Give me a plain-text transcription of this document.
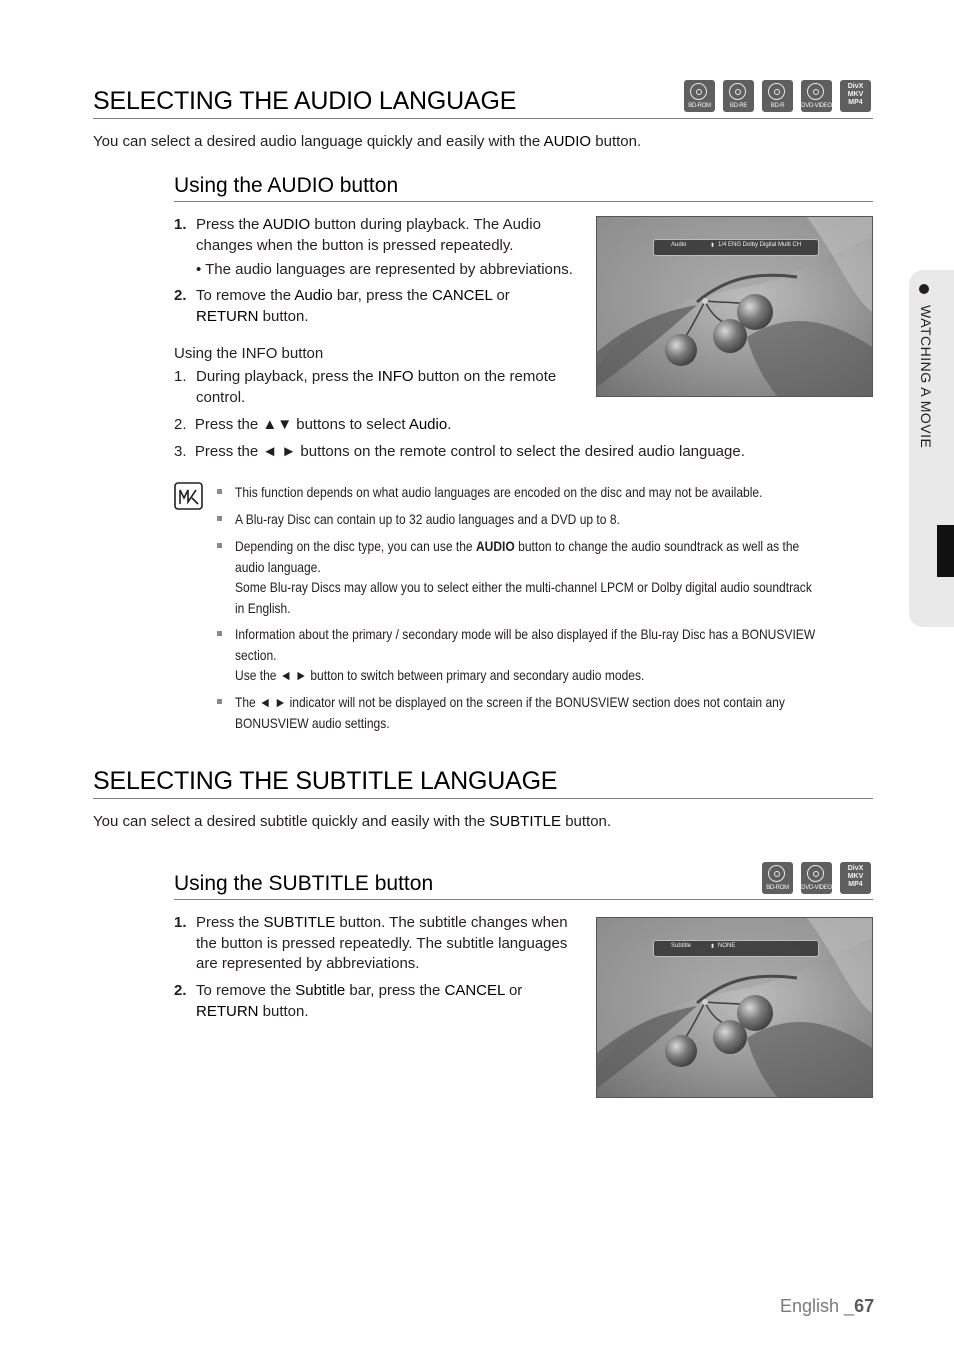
SELECTING THE AUDIO LANGUAGE	BD-ROM	BD-RE	BD-R	DVD-VIDEO
DivX
MKV
MP4
You can select a desired audio language quickly and easily with the AUDIO button.
Using the AUDIO button
1. Press the AUDIO button during playback. The Audio
changes when the button is pressed repeatedly.
• The audio languages are represented by abbreviations.
2. To remove the Audio bar, press the CANCEL or
RETURN button.
Audio	⬍ 1/4 ENG Dolby Digital Multi CH
Using the INFO button
1. During playback, press the INFO button on the remote
control.
2. Press the ▲▼ buttons to select Audio.
3. Press the ◄ ► buttons on the remote control to select the desired audio language.
This function depends on what audio languages are encoded on the disc and may not be available.
A Blu-ray Disc can contain up to 32 audio languages and a DVD up to 8.
Depending on the disc type, you can use the AUDIO button to change the audio soundtrack as well as the
audio language.
Some Blu-ray Discs may allow you to select either the multi-channel LPCM or Dolby digital audio soundtrack
in English.
Information about the primary / secondary mode will be also displayed if the Blu-ray Disc has a BONUSVIEW
section.
Use the ◄ ► button to switch between primary and secondary audio modes.
The ◄ ► indicator will not be displayed on the screen if the BONUSVIEW section does not contain any
BONUSVIEW audio settings.
SELECTING THE SUBTITLE LANGUAGE
You can select a desired subtitle quickly and easily with the SUBTITLE button.
Using the SUBTITLE button	BD-ROM	DVD-VIDEO
DivX
MKV
MP4
1. Press the SUBTITLE button. The subtitle changes when
the button is pressed repeatedly. The subtitle languages
are represented by abbreviations.
2. To remove the Subtitle bar, press the CANCEL or
RETURN button.
Subtitle	⬍ NONE
WATCHING A MOVIE
English _67
